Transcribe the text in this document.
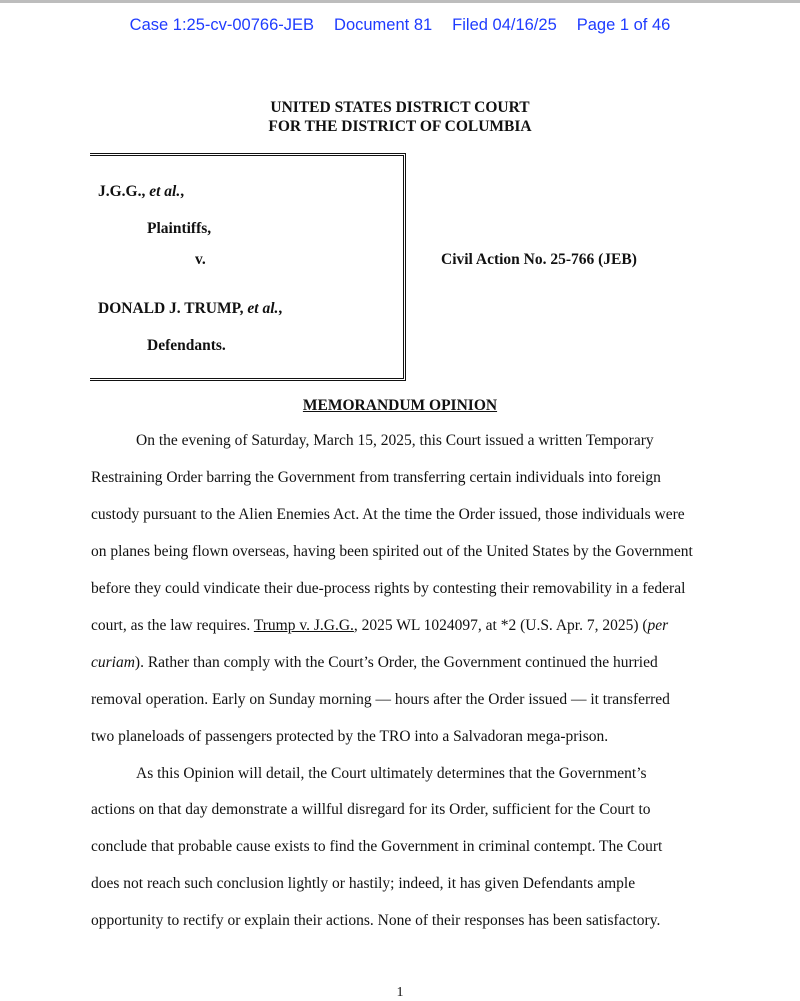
Case 1:25-cv-00766-JEB Document 81 Filed 04/16/25 Page 1 of 46
UNITED STATES DISTRICT COURT
FOR THE DISTRICT OF COLUMBIA
J.G.G., et al.,
Plaintiffs,
v.
DONALD J. TRUMP, et al.,
Defendants.
Civil Action No. 25-766 (JEB)
MEMORANDUM OPINION
On the evening of Saturday, March 15, 2025, this Court issued a written Temporary
Restraining Order barring the Government from transferring certain individuals into foreign
custody pursuant to the Alien Enemies Act. At the time the Order issued, those individuals were
on planes being flown overseas, having been spirited out of the United States by the Government
before they could vindicate their due-process rights by contesting their removability in a federal
court, as the law requires. Trump v. J.G.G., 2025 WL 1024097, at *2 (U.S. Apr. 7, 2025) (per
curiam). Rather than comply with the Court’s Order, the Government continued the hurried
removal operation. Early on Sunday morning — hours after the Order issued — it transferred
two planeloads of passengers protected by the TRO into a Salvadoran mega-prison.
As this Opinion will detail, the Court ultimately determines that the Government’s
actions on that day demonstrate a willful disregard for its Order, sufficient for the Court to
conclude that probable cause exists to find the Government in criminal contempt. The Court
does not reach such conclusion lightly or hastily; indeed, it has given Defendants ample
opportunity to rectify or explain their actions. None of their responses has been satisfactory.
1
